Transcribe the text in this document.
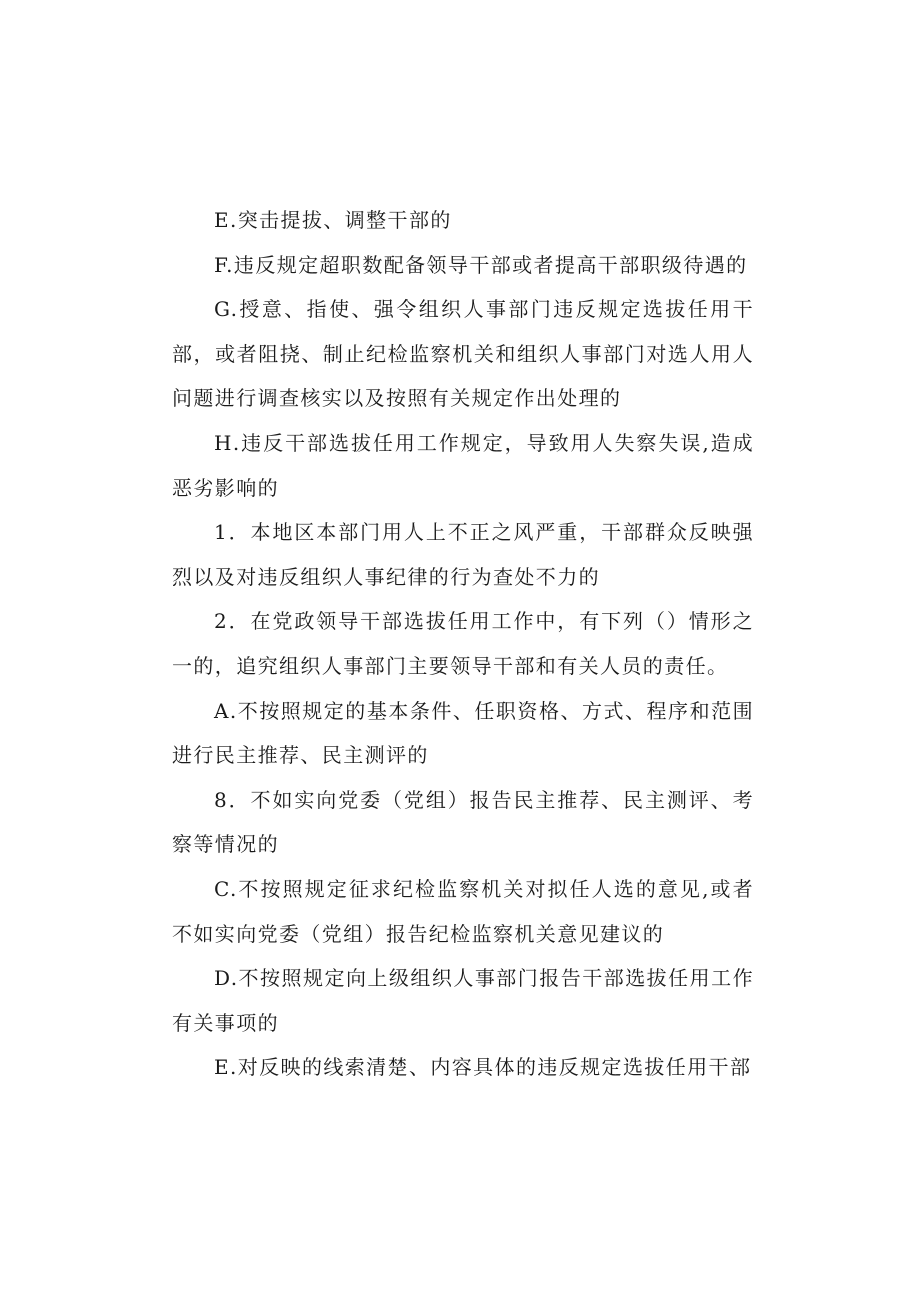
E.突击提拔、调整干部的

F.违反规定超职数配备领导干部或者提高干部职级待遇的

G.授意、指使、强令组织人事部门违反规定选拔任用干部，或者阻挠、制止纪检监察机关和组织人事部门对选人用人问题进行调查核实以及按照有关规定作出处理的

H.违反干部选拔任用工作规定，导致用人失察失误,造成恶劣影响的

1．本地区本部门用人上不正之风严重，干部群众反映强烈以及对违反组织人事纪律的行为查处不力的

2．在党政领导干部选拔任用工作中，有下列（）情形之一的，追究组织人事部门主要领导干部和有关人员的责任。

A.不按照规定的基本条件、任职资格、方式、程序和范围进行民主推荐、民主测评的

8．不如实向党委（党组）报告民主推荐、民主测评、考察等情况的

C.不按照规定征求纪检监察机关对拟任人选的意见,或者不如实向党委（党组）报告纪检监察机关意见建议的

D.不按照规定向上级组织人事部门报告干部选拔任用工作有关事项的

E.对反映的线索清楚、内容具体的违反规定选拔任用干部
